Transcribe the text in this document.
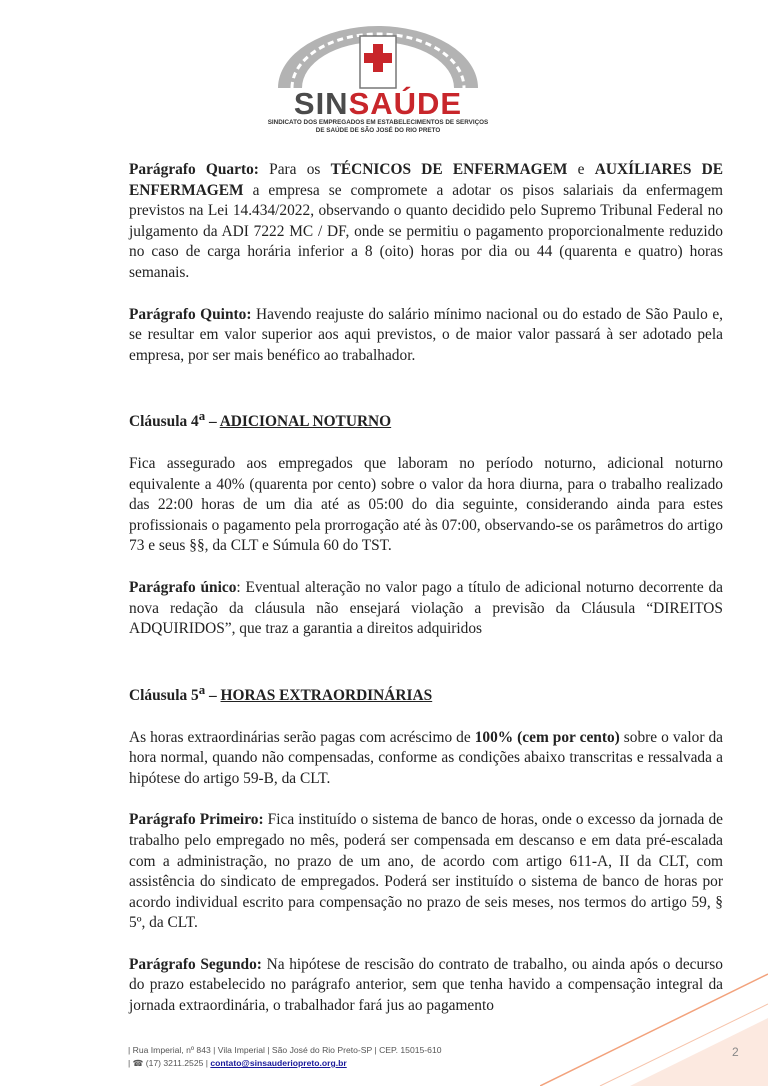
SINSAÚDE
SINDICATO DOS EMPREGADOS EM ESTABELECIMENTOS DE SERVIÇOS
DE SAÚDE DE SÃO JOSÉ DO RIO PRETO

Parágrafo Quarto: Para os TÉCNICOS DE ENFERMAGEM e AUXÍLIARES DE ENFERMAGEM a empresa se compromete a adotar os pisos salariais da enfermagem previstos na Lei 14.434/2022, observando o quanto decidido pelo Supremo Tribunal Federal no julgamento da ADI 7222 MC / DF, onde se permitiu o pagamento proporcionalmente reduzido no caso de carga horária inferior a 8 (oito) horas por dia ou 44 (quarenta e quatro) horas semanais.

Parágrafo Quinto: Havendo reajuste do salário mínimo nacional ou do estado de São Paulo e, se resultar em valor superior aos aqui previstos, o de maior valor passará à ser adotado pela empresa, por ser mais benéfico ao trabalhador.

Cláusula 4$^a$ – ADICIONAL NOTURNO

Fica assegurado aos empregados que laboram no período noturno, adicional noturno equivalente a 40% (quarenta por cento) sobre o valor da hora diurna, para o trabalho realizado das 22:00 horas de um dia até as 05:00 do dia seguinte, considerando ainda para estes profissionais o pagamento pela prorrogação até às 07:00, observando-se os parâmetros do artigo 73 e seus §§, da CLT e Súmula 60 do TST.

Parágrafo único: Eventual alteração no valor pago a título de adicional noturno decorrente da nova redação da cláusula não ensejará violação a previsão da Cláusula “DIREITOS ADQUIRIDOS”, que traz a garantia a direitos adquiridos

Cláusula 5$^a$ – HORAS EXTRAORDINÁRIAS

As horas extraordinárias serão pagas com acréscimo de 100% (cem por cento) sobre o valor da hora normal, quando não compensadas, conforme as condições abaixo transcritas e ressalvada a hipótese do artigo 59-B, da CLT.

Parágrafo Primeiro: Fica instituído o sistema de banco de horas, onde o excesso da jornada de trabalho pelo empregado no mês, poderá ser compensada em descanso e em data pré-escalada com a administração, no prazo de um ano, de acordo com artigo 611-A, II da CLT, com assistência do sindicato de empregados. Poderá ser instituído o sistema de banco de horas por acordo individual escrito para compensação no prazo de seis meses, nos termos do artigo 59, § 5º, da CLT.

Parágrafo Segundo: Na hipótese de rescisão do contrato de trabalho, ou ainda após o decurso do prazo estabelecido no parágrafo anterior, sem que tenha havido a compensação integral da jornada extraordinária, o trabalhador fará jus ao pagamento

| Rua Imperial, nº 843 | Vila Imperial | São José do Rio Preto-SP | CEP. 15015-610
| ☎ (17) 3211.2525 | contato@sinsauderiopreto.org.br
2
